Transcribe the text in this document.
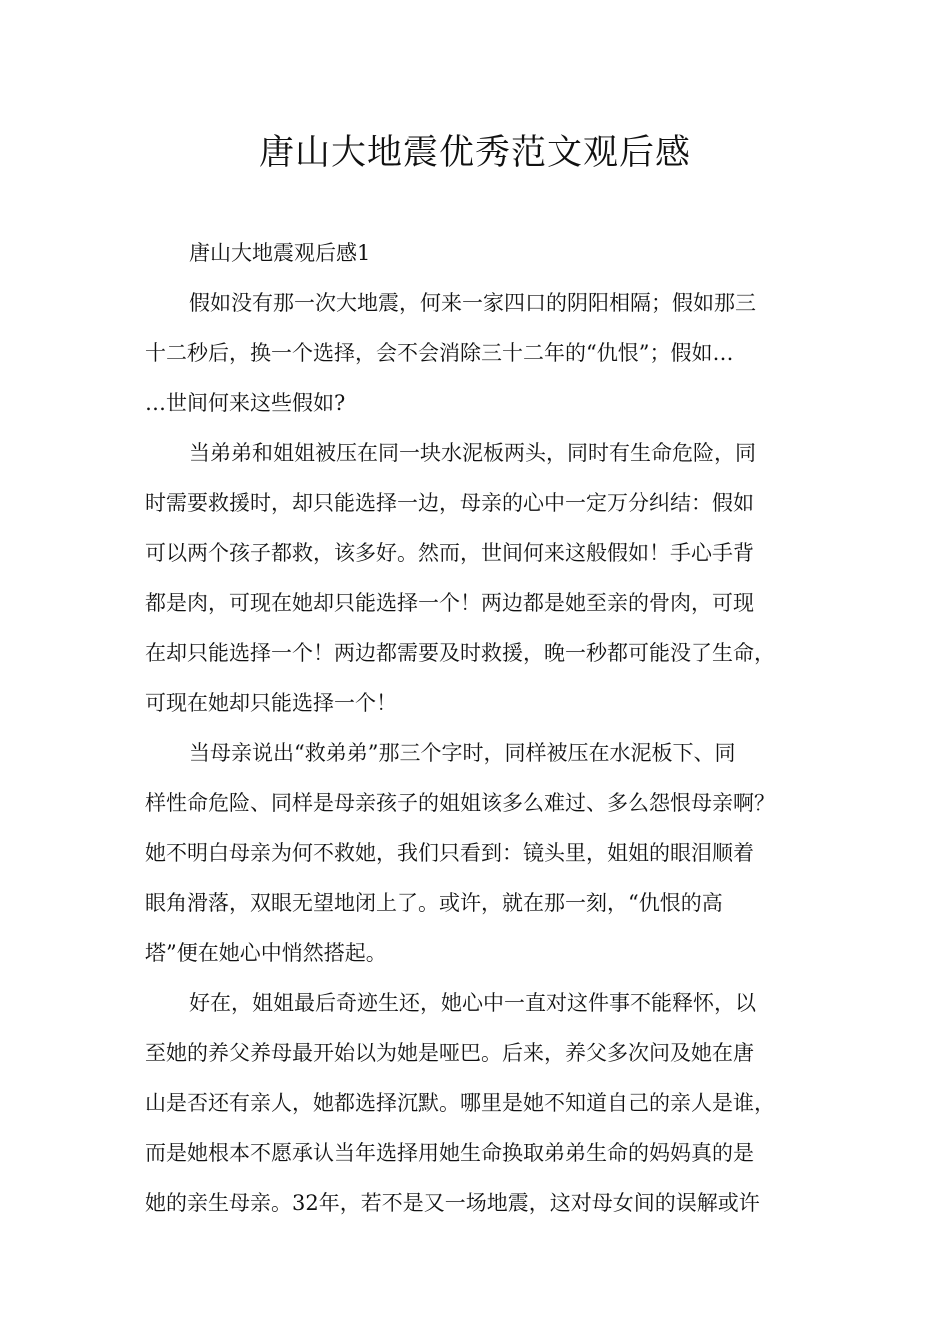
唐山大地震优秀范文观后感
唐山大地震观后感1
假如没有那一次大地震，何来一家四口的阴阳相隔；假如那三
十二秒后，换一个选择，会不会消除三十二年的“仇恨”；假如…
…世间何来这些假如?
当弟弟和姐姐被压在同一块水泥板两头，同时有生命危险，同
时需要救援时，却只能选择一边，母亲的心中一定万分纠结：假如
可以两个孩子都救，该多好。然而，世间何来这般假如！手心手背
都是肉，可现在她却只能选择一个！两边都是她至亲的骨肉，可现
在却只能选择一个！两边都需要及时救援，晚一秒都可能没了生命，
可现在她却只能选择一个！
当母亲说出“救弟弟”那三个字时，同样被压在水泥板下、同
样性命危险、同样是母亲孩子的姐姐该多么难过、多么怨恨母亲啊？
她不明白母亲为何不救她，我们只看到：镜头里，姐姐的眼泪顺着
眼角滑落，双眼无望地闭上了。或许，就在那一刻，“仇恨的高
塔”便在她心中悄然搭起。
好在，姐姐最后奇迹生还，她心中一直对这件事不能释怀，以
至她的养父养母最开始以为她是哑巴。后来，养父多次问及她在唐
山是否还有亲人，她都选择沉默。哪里是她不知道自己的亲人是谁，
而是她根本不愿承认当年选择用她生命换取弟弟生命的妈妈真的是
她的亲生母亲。32年，若不是又一场地震，这对母女间的误解或许
